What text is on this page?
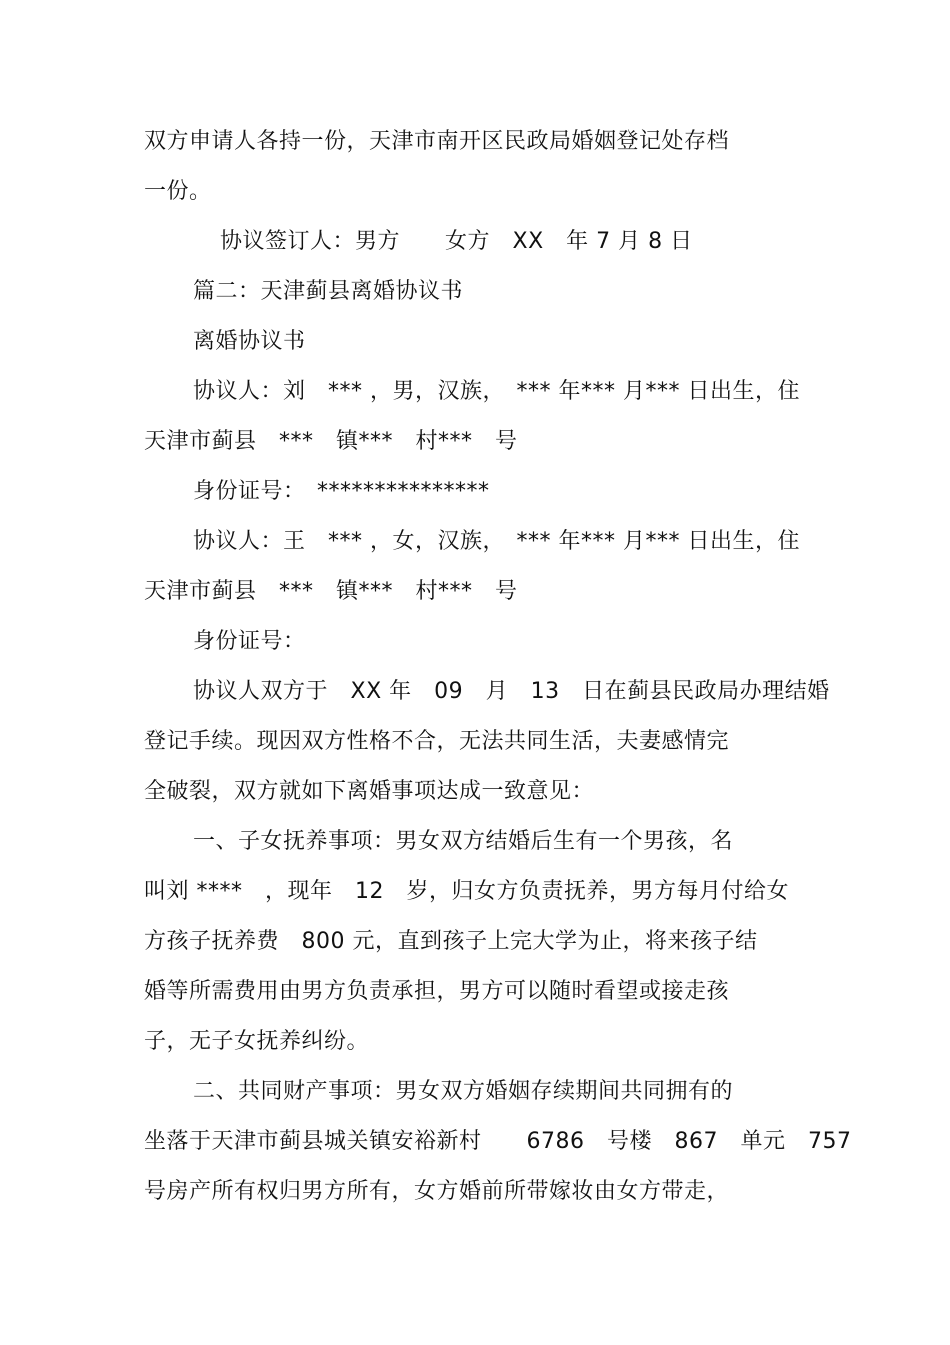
双方申请人各持一份，天津市南开区民政局婚姻登记处存档
一份。
协议签订人：男方　　女方　XX　年 7 月 8 日
篇二：天津蓟县离婚协议书
离婚协议书
协议人：刘　*** ，男，汉族，　*** 年*** 月*** 日出生，住
天津市蓟县　***　镇***　村***　号
身份证号：　***************
协议人：王　*** ，女，汉族，　*** 年*** 月*** 日出生，住
天津市蓟县　***　镇***　村***　号
身份证号：
协议人双方于　XX 年　09　月　13　日在蓟县民政局办理结婚
登记手续。现因双方性格不合，无法共同生活，夫妻感情完
全破裂，双方就如下离婚事项达成一致意见：
一、子女抚养事项：男女双方结婚后生有一个男孩，名
叫刘 ****　，现年　12　岁，归女方负责抚养，男方每月付给女
方孩子抚养费　800 元，直到孩子上完大学为止，将来孩子结
婚等所需费用由男方负责承担，男方可以随时看望或接走孩
子，无子女抚养纠纷。
二、共同财产事项：男女双方婚姻存续期间共同拥有的
坐落于天津市蓟县城关镇安裕新村　　6786　号楼　867　单元　757
号房产所有权归男方所有，女方婚前所带嫁妆由女方带走，
